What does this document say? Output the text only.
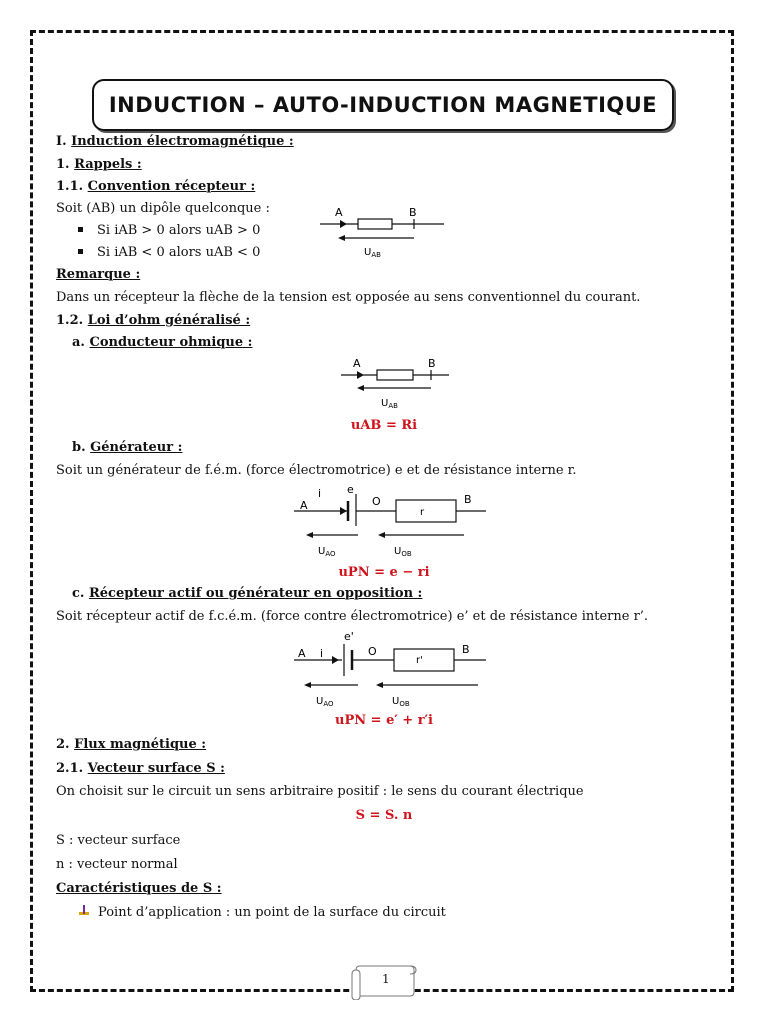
INDUCTION – AUTO-INDUCTION MAGNETIQUE
I. Induction électromagnétique :
1. Rappels :
1.1. Convention récepteur :
Soit (AB) un dipôle quelconque :
Si iAB > 0 alors uAB > 0
Si iAB < 0 alors uAB < 0
Remarque :
Dans un récepteur la flèche de la tension est opposée au sens conventionnel du courant.
1.2. Loi d’ohm généralisé :
a. Conducteur ohmique :
uAB = Ri
b. Générateur :
Soit un générateur de f.é.m. (force électromotrice) e et de résistance interne r.
uPN = e − ri
c. Récepteur actif ou générateur en opposition :
Soit récepteur actif de f.c.é.m. (force contre électromotrice) e’ et de résistance interne r’.
uPN = e′ + r′i
2. Flux magnétique :
2.1. Vecteur surface S :
On choisit sur le circuit un sens arbitraire positif : le sens du courant électrique
S = S. n
S : vecteur surface
n : vecteur normal
Caractéristiques de S :
Point d’application : un point de la surface du circuit
A	B
$U_{AB}$
A	B
$U_{AB}$
A
i e
O	B
r
$U_{AO}$	$U_{OB}$
A i
e'
O	B
r'
$U_{AO}$	$U_{OB}$
1
